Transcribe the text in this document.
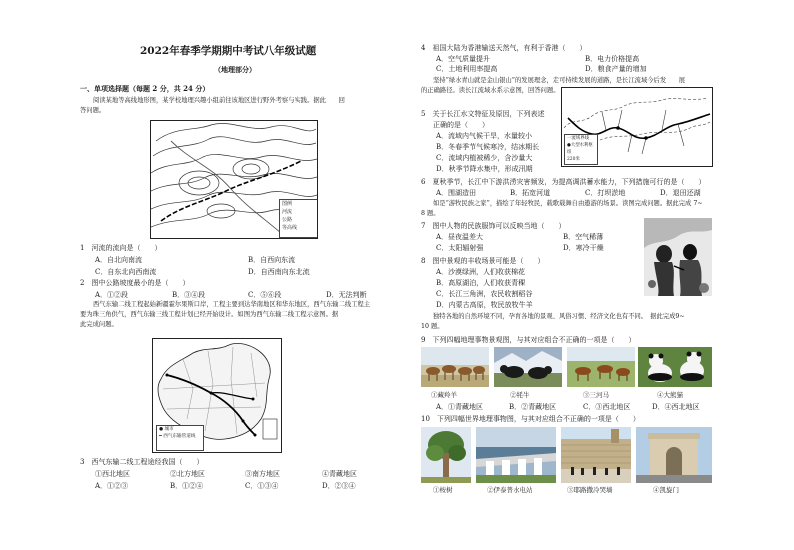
2022年春季学期期中考试八年级试题
（地理部分）
一、单项选择题（每题 2 分，共 24 分）
阅读某地等高线地形图，某学校地理兴趣小组前往该地区进行野外考察与实践。据此　　回
答问题。
图例
河流
公路
等高线
1　河流的流向是（　　）
A．自北向南流	B．自西向东流
C．自东北向西南流	D．自西南向东北流
2　图中公路坡度最小的是（　　）
A．①②段	B．③④段	C．⑤⑥段	D．无法判断
西气东输二线工程起始新疆霍尔果斯口岸，工程主要到达华南地区和华东地区，西气东输二线工程主
要为珠三角供气，西气东输三线工程计划已经开始设计。如图为西气东输二线工程示意图。据
此完成问题。
● 城市
━ 西气东输管道线
3　西气东输二线工程途经我国（　　）
①西北地区	②北方地区	③南方地区	④青藏地区
A．①②③	B．①②④	C．①③④	D．②③④
4　祖国大陆为香港输送天然气，有利于香港（　　）
A．空气质量提升	B．电力价格提高
C．土地利用率提高	D．粮食产量的增加
坚持“绿水青山就是金山银山”的发展理念，走可持续发展的道路，是长江流域今后发　　展
的正确路径。读长江流域水系示意图，回答问题。
一流域界线
●大型水利枢纽
220米
5　关于长江水文特征及原因，下列表述
正确的是（　　）
A．流域内气候干旱，水量较小
B．冬春季节气候寒冷，结冰期长
C．流域内植被稀少，含沙量大
D．秋季节降水集中，形成汛期
6　夏秋季节，长江中下游洪涝灾害频发，为提高调洪蓄水能力，下列措施可行的是（　　）
A．围湖造田	B．拓宽河道	C．打坝淤地	D．退田还湖
如是“游牧民族之家”，描绘了年轻牧民，载歌载舞自由遨游的场景。读图完成问题。据此完成 7~
8 题。
7　图中人物的民族服饰可以反映当地（　　）
A．昼夜温差大	B．空气稀薄
C．太阳辐射强	D．寒冷干燥
8　图中景观的丰收场景可能是（　　）
A．沙漠绿洲，人们收获棉花
B．高原湖泊，人们收获青稞
C．长江三角洲，农民收割稻谷
D．内蒙古高原，牧民放牧牛羊
独特各地的自然环境不同，孕育各地的景观、风俗习惯、经济文化也有不同。　据此完成9~
10 题。
9　下列四幅地理事物景观图，与其对应组合不正确的一项是（　　）
①藏羚羊	②牦牛	③三河马	④大熊猫
A．①青藏地区	B．②青藏地区	C．③西北地区	D．④西北地区
10　下列四幅世界地理事物图，与其对应组合不正确的一项是（　　）
①桉树	②伊泰普水电站	③耶路撒冷哭墙	④凯旋门
